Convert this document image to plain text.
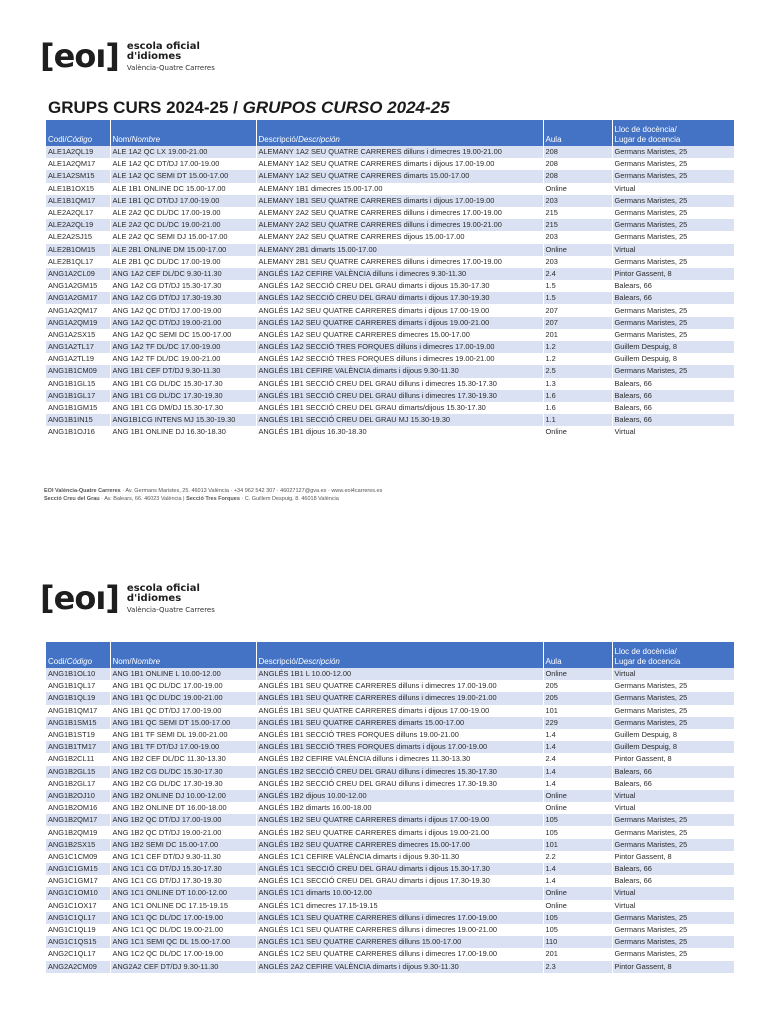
[eoı] escola oficial
d'idiomes
València-Quatre Carreres
GRUPS CURS 2024-25 / GRUPOS CURSO 2024-25
Codi/Código	Nom/Nombre	Descripció/Descripción	Aula	Lloc de docència/
Lugar de docencia
ALE1A2QL19	ALE 1A2 QC LX 19.00-21.00	ALEMANY 1A2 SEU QUATRE CARRERES dilluns i dimecres 19.00-21.00	208	Germans Maristes, 25
ALE1A2QM17	ALE 1A2 QC DT/DJ 17.00-19.00	ALEMANY 1A2 SEU QUATRE CARRERES dimarts i dijous 17.00-19.00	208	Germans Maristes, 25
ALE1A2SM15	ALE 1A2 QC SEMI DT 15.00-17.00	ALEMANY 1A2 SEU QUATRE CARRERES dimarts 15.00-17.00	208	Germans Maristes, 25
ALE1B1OX15	ALE 1B1 ONLINE DC 15.00-17.00	ALEMANY 1B1 dimecres 15.00-17.00	Online	Virtual
ALE1B1QM17	ALE 1B1 QC DT/DJ 17.00-19.00	ALEMANY 1B1 SEU QUATRE CARRERES dimarts i dijous 17.00-19.00	203	Germans Maristes, 25
ALE2A2QL17	ALE 2A2 QC DL/DC 17.00-19.00	ALEMANY 2A2 SEU QUATRE CARRERES dilluns i dimecres 17.00-19.00	215	Germans Maristes, 25
ALE2A2QL19	ALE 2A2 QC DL/DC 19.00-21.00	ALEMANY 2A2 SEU QUATRE CARRERES dilluns i dimecres 19.00-21.00	215	Germans Maristes, 25
ALE2A2SJ15	ALE 2A2 QC SEMI DJ 15.00-17.00	ALEMANY 2A2 SEU QUATRE CARRERES dijous 15.00-17.00	203	Germans Maristes, 25
ALE2B1OM15	ALE 2B1 ONLINE DM 15.00-17.00	ALEMANY 2B1 dimarts 15.00-17.00	Online	Virtual
ALE2B1QL17	ALE 2B1 QC DL/DC 17.00-19.00	ALEMANY 2B1 SEU QUATRE CARRERES dilluns i dimecres 17.00-19.00	203	Germans Maristes, 25
ANG1A2CL09	ANG 1A2 CEF DL/DC 9.30-11.30	ANGLÉS 1A2 CEFIRE VALÈNCIA dilluns i dimecres 9.30-11.30	2.4	Pintor Gassent, 8
ANG1A2GM15	ANG 1A2 CG DT/DJ 15.30-17.30	ANGLÉS 1A2 SECCIÓ CREU DEL GRAU dimarts i dijous 15.30-17.30	1.5	Balears, 66
ANG1A2GM17	ANG 1A2 CG DT/DJ 17.30-19.30	ANGLÉS 1A2 SECCIÓ CREU DEL GRAU dimarts i dijous 17.30-19.30	1.5	Balears, 66
ANG1A2QM17	ANG 1A2 QC DT/DJ 17.00-19.00	ANGLÉS 1A2 SEU QUATRE CARRERES dimarts i dijous 17.00-19.00	207	Germans Maristes, 25
ANG1A2QM19	ANG 1A2 QC DT/DJ 19.00-21.00	ANGLÉS 1A2 SEU QUATRE CARRERES dimarts i dijous 19.00-21.00	207	Germans Maristes, 25
ANG1A2SX15	ANG 1A2 QC SEMI DC 15.00-17.00	ANGLÉS 1A2 SEU QUATRE CARRERES dimecres 15.00-17.00	201	Germans Maristes, 25
ANG1A2TL17	ANG 1A2 TF DL/DC 17.00-19.00	ANGLÉS 1A2 SECCIÓ TRES FORQUES dilluns i dimecres 17.00-19.00	1.2	Guillem Despuig, 8
ANG1A2TL19	ANG 1A2 TF DL/DC 19.00-21.00	ANGLÉS 1A2 SECCIÓ TRES FORQUES dilluns i dimecres 19.00-21.00	1.2	Guillem Despuig, 8
ANG1B1CM09	ANG 1B1 CEF DT/DJ 9.30-11.30	ANGLÉS 1B1 CEFIRE VALÈNCIA dimarts i dijous 9.30-11.30	2.5	Germans Maristes, 25
ANG1B1GL15	ANG 1B1 CG DL/DC 15.30-17.30	ANGLÉS 1B1 SECCIÓ CREU DEL GRAU dilluns i dimecres 15.30-17.30	1.3	Balears, 66
ANG1B1GL17	ANG 1B1 CG DL/DC 17.30-19.30	ANGLÉS 1B1 SECCIÓ CREU DEL GRAU dilluns i dimecres 17.30-19.30	1.6	Balears, 66
ANG1B1GM15	ANG 1B1 CG DM/DJ 15.30-17.30	ANGLÉS 1B1 SECCIÓ CREU DEL GRAU dimarts/dijous 15.30-17.30	1.6	Balears, 66
ANG1B1IN15	ANG1B1CG INTENS MJ 15.30-19.30	ANGLÉS 1B1 SECCIÓ CREU DEL GRAU MJ 15.30-19.30	1.1	Balears, 66
ANG1B1OJ16	ANG 1B1 ONLINE DJ 16.30-18.30	ANGLÉS 1B1 dijous 16.30-18.30	Online	Virtual
EOI València-Quatre Carreres · Av. Germans Maristes, 25. 46013 València · +34 962 542 307 · 46027127@gva.es · www.eoi4carreres.es
Secció Creu del Grau · Av. Balears, 66. 46023 València | Secció Tres Forques · C. Guillem Despuig, 8. 46018 València
[eoı] escola oficial
d'idiomes
València-Quatre Carreres
Codi/Código	Nom/Nombre	Descripció/Descripción	Aula	Lloc de docència/
Lugar de docencia
ANG1B1OL10	ANG 1B1 ONLINE L 10.00-12.00	ANGLÉS 1B1 L 10.00-12.00	Online	Virtual
ANG1B1QL17	ANG 1B1 QC DL/DC 17.00-19.00	ANGLÉS 1B1 SEU QUATRE CARRERES dilluns i dimecres 17.00-19.00	205	Germans Maristes, 25
ANG1B1QL19	ANG 1B1 QC DL/DC 19.00-21.00	ANGLÉS 1B1 SEU QUATRE CARRERES dilluns i dimecres 19.00-21.00	205	Germans Maristes, 25
ANG1B1QM17	ANG 1B1 QC DT/DJ 17.00-19.00	ANGLÉS 1B1 SEU QUATRE CARRERES dimarts i dijous 17.00-19.00	101	Germans Maristes, 25
ANG1B1SM15	ANG 1B1 QC SEMI DT 15.00-17.00	ANGLÉS 1B1 SEU QUATRE CARRERES dimarts 15.00-17.00	229	Germans Maristes, 25
ANG1B1ST19	ANG 1B1 TF SEMI DL 19.00-21.00	ANGLÉS 1B1 SECCIÓ TRES FORQUES dilluns 19.00-21.00	1.4	Guillem Despuig, 8
ANG1B1TM17	ANG 1B1 TF DT/DJ 17.00-19.00	ANGLÉS 1B1 SECCIÓ TRES FORQUES dimarts i dijous 17.00-19.00	1.4	Guillem Despuig, 8
ANG1B2CL11	ANG 1B2 CEF DL/DC 11.30-13.30	ANGLÉS 1B2 CEFIRE VALÈNCIA dilluns i dimecres 11.30-13.30	2.4	Pintor Gassent, 8
ANG1B2GL15	ANG 1B2 CG DL/DC 15.30-17.30	ANGLÉS 1B2 SECCIÓ CREU DEL GRAU dilluns i dimecres 15.30-17.30	1.4	Balears, 66
ANG1B2GL17	ANG 1B2 CG DL/DC 17.30-19.30	ANGLÉS 1B2 SECCIÓ CREU DEL GRAU dilluns i dimecres 17.30-19.30	1.4	Balears, 66
ANG1B2OJ10	ANG 1B2 ONLINE DJ 10.00-12.00	ANGLÉS 1B2 dijous 10.00-12.00	Online	Virtual
ANG1B2OM16	ANG 1B2 ONLINE DT 16.00-18.00	ANGLÉS 1B2 dimarts 16.00-18.00	Online	Virtual
ANG1B2QM17	ANG 1B2 QC DT/DJ 17.00-19.00	ANGLÉS 1B2 SEU QUATRE CARRERES dimarts i dijous 17.00-19.00	105	Germans Maristes, 25
ANG1B2QM19	ANG 1B2 QC DT/DJ 19.00-21.00	ANGLÉS 1B2 SEU QUATRE CARRERES dimarts i dijous 19.00-21.00	105	Germans Maristes, 25
ANG1B2SX15	ANG 1B2 SEMI DC 15.00-17.00	ANGLÉS 1B2 SEU QUATRE CARRERES dimecres 15.00-17.00	101	Germans Maristes, 25
ANG1C1CM09	ANG 1C1 CEF DT/DJ 9.30-11.30	ANGLÉS 1C1 CEFIRE VALÈNCIA dimarts i dijous 9.30-11.30	2.2	Pintor Gassent, 8
ANG1C1GM15	ANG 1C1 CG DT/DJ 15.30-17.30	ANGLÉS 1C1 SECCIÓ CREU DEL GRAU dimarts i dijous 15.30-17.30	1.4	Balears, 66
ANG1C1GM17	ANG 1C1 CG DT/DJ 17.30-19.30	ANGLÉS 1C1 SECCIÓ CREU DEL GRAU dimarts i dijous 17.30-19.30	1.4	Balears, 66
ANG1C1OM10	ANG 1C1 ONLINE DT 10.00-12.00	ANGLÉS 1C1 dimarts 10.00-12.00	Online	Virtual
ANG1C1OX17	ANG 1C1 ONLINE DC 17.15-19.15	ANGLÉS 1C1 dimecres 17.15-19.15	Online	Virtual
ANG1C1QL17	ANG 1C1 QC DL/DC 17.00-19.00	ANGLÉS 1C1 SEU QUATRE CARRERES dilluns i dimecres 17.00-19.00	105	Germans Maristes, 25
ANG1C1QL19	ANG 1C1 QC DL/DC 19.00-21.00	ANGLÉS 1C1 SEU QUATRE CARRERES dilluns i dimecres 19.00-21.00	105	Germans Maristes, 25
ANG1C1QS15	ANG 1C1 SEMI QC DL 15.00-17.00	ANGLÉS 1C1 SEU QUATRE CARRERES dilluns 15.00-17.00	110	Germans Maristes, 25
ANG2C1QL17	ANG 1C2 QC DL/DC 17.00-19.00	ANGLÉS 1C2 SEU QUATRE CARRERES dilluns i dimecres 17.00-19.00	201	Germans Maristes, 25
ANG2A2CM09	ANG2A2 CEF DT/DJ 9.30-11.30	ANGLÉS 2A2 CEFIRE VALÈNCIA dimarts i dijous 9.30-11.30	2.3	Pintor Gassent, 8
